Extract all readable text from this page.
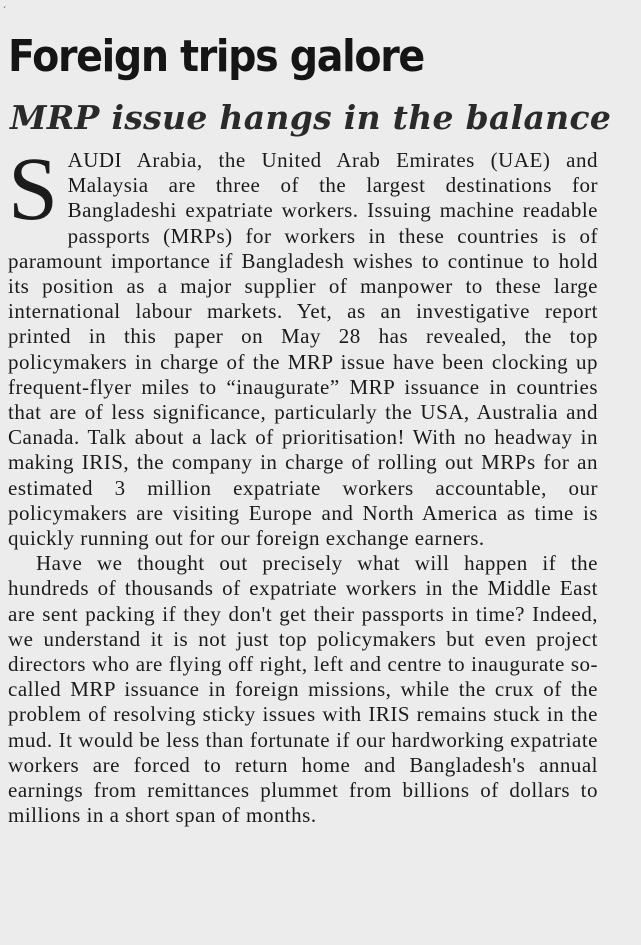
ˏ
Foreign trips galore
MRP issue hangs in the balance

SAUDI Arabia, the United Arab Emirates (UAE) and Malaysia are three of the largest destinations for Bangladeshi expatriate workers. Issuing machine readable passports (MRPs) for workers in these countries is of paramount importance if Bangladesh wishes to continue to hold its position as a major supplier of manpower to these large international labour markets. Yet, as an investigative report printed in this paper on May 28 has revealed, the top policymakers in charge of the MRP issue have been clocking up frequent-flyer miles to “inaugurate” MRP issuance in countries that are of less significance, particularly the USA, Australia and Canada. Talk about a lack of prioritisation! With no headway in making IRIS, the company in charge of rolling out MRPs for an estimated 3 million expatriate workers accountable, our policymakers are visiting Europe and North America as time is quickly running out for our foreign exchange earners.

Have we thought out precisely what will happen if the hundreds of thousands of expatriate workers in the Middle East are sent packing if they don't get their passports in time? Indeed, we understand it is not just top policymakers but even project directors who are flying off right, left and centre to inaugurate so-called MRP issuance in foreign missions, while the crux of the problem of resolving sticky issues with IRIS remains stuck in the mud. It would be less than fortunate if our hardworking expatriate workers are forced to return home and Bangladesh's annual earnings from remittances plummet from billions of dollars to millions in a short span of months.
